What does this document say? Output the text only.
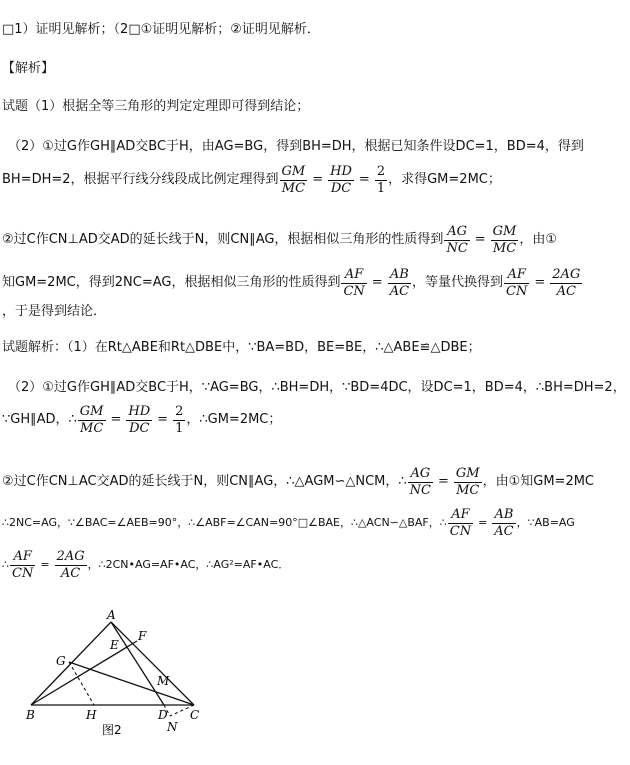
□1）证明见解析；（2□①证明见解析；②证明见解析．
【解析】
试题（1）根据全等三角形的判定定理即可得到结论；
（2）①过G作GH∥AD交BC于H，由AG=BG，得到BH=DH，根据已知条件设DC=1，BD=4，得到
BH=DH=2，根据平行线分线段成比例定理得到 $\frac{GM}{MC} = \frac{HD}{DC} = \frac{2}{1}$ ，求得GM=2MC；
②过C作CN⊥AD交AD的延长线于N，则CN∥AG，根据相似三角形的性质得到 $\frac{AG}{NC} = \frac{GM}{MC}$ ，由①
知GM=2MC，得到2NC=AG，根据相似三角形的性质得到 $\frac{AF}{CN} = \frac{AB}{AC}$ ，等量代换得到 $\frac{AF}{CN} = \frac{2AG}{AC}$
，于是得到结论．
试题解析：（1）在Rt△ABE和Rt△DBE中，∵BA=BD，BE=BE，∴△ABE≌△DBE；
（2）①过G作GH∥AD交BC于H，∵AG=BG，∴BH=DH，∵BD=4DC，设DC=1，BD=4，∴BH=DH=2，
∵GH∥AD，∴ $\frac{GM}{MC} = \frac{HD}{DC} = \frac{2}{1}$ ，∴GM=2MC；
②过C作CN⊥AC交AD的延长线于N，则CN∥AG，∴△AGM∽△NCM，∴ $\frac{AG}{NC} = \frac{GM}{MC}$ ，由①知GM=2MC
∴2NC=AG，∵∠BAC=∠AEB=90°，∴∠ABF=∠CAN=90°□∠BAE，∴△ACN∽△BAF，∴ $\frac{AF}{CN} = \frac{AB}{AC}$ ，∵AB=AG
∴ $\frac{AF}{CN} = \frac{2AG}{AC}$ ，∴2CN•AG=AF•AC，∴AG²=AF•AC．
A
B	C
D
E
F
G
H
M
N
图2
